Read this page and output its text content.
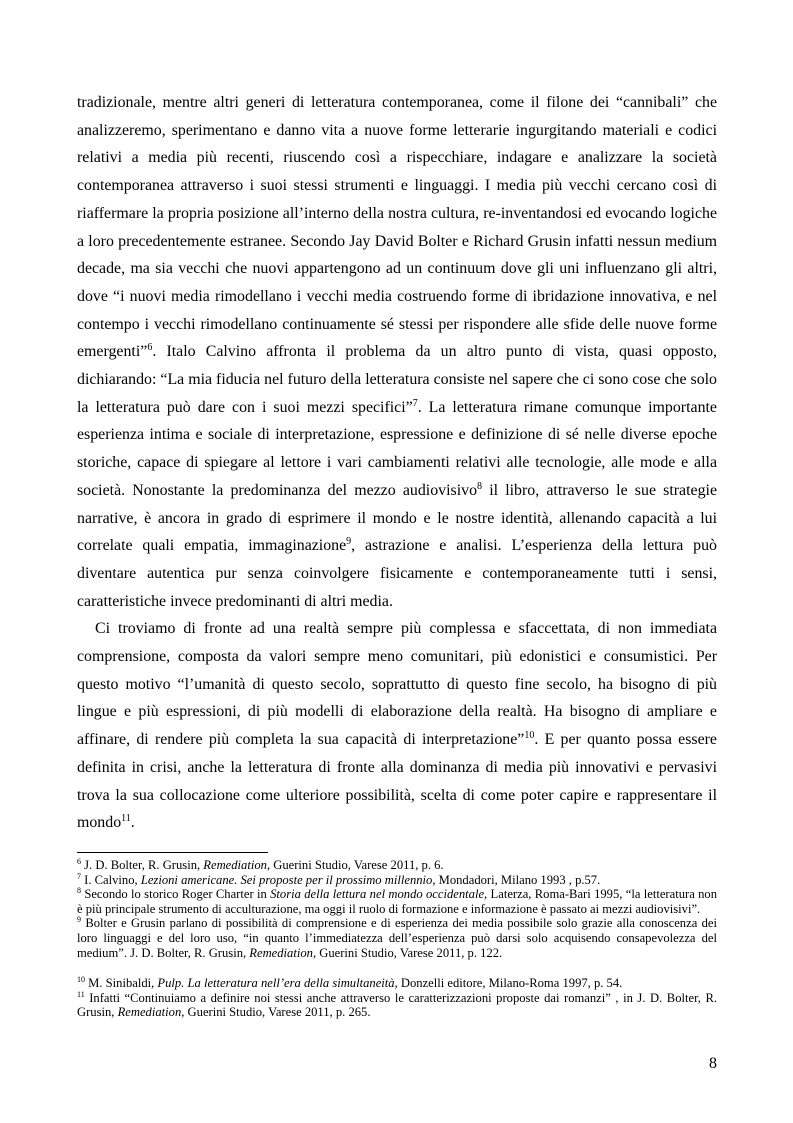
tradizionale, mentre altri generi di letteratura contemporanea, come il filone dei “cannibali” che analizzeremo, sperimentano e danno vita a nuove forme letterarie ingurgitando materiali e codici relativi a media più recenti, riuscendo così a rispecchiare, indagare e analizzare la società contemporanea attraverso i suoi stessi strumenti e linguaggi. I media più vecchi cercano così di riaffermare la propria posizione all’interno della nostra cultura, re-inventandosi ed evocando logiche a loro precedentemente estranee. Secondo Jay David Bolter e Richard Grusin infatti nessun medium decade, ma sia vecchi che nuovi appartengono ad un continuum dove gli uni influenzano gli altri, dove “i nuovi media rimodellano i vecchi media costruendo forme di ibridazione innovativa, e nel contempo i vecchi rimodellano continuamente sé stessi per rispondere alle sfide delle nuove forme emergenti”$^6$. Italo Calvino affronta il problema da un altro punto di vista, quasi opposto, dichiarando: “La mia fiducia nel futuro della letteratura consiste nel sapere che ci sono cose che solo la letteratura può dare con i suoi mezzi specifici”$^7$. La letteratura rimane comunque importante esperienza intima e sociale di interpretazione, espressione e definizione di sé nelle diverse epoche storiche, capace di spiegare al lettore i vari cambiamenti relativi alle tecnologie, alle mode e alla società. Nonostante la predominanza del mezzo audiovisivo$^8$ il libro, attraverso le sue strategie narrative, è ancora in grado di esprimere il mondo e le nostre identità, allenando capacità a lui correlate quali empatia, immaginazione$^9$, astrazione e analisi. L’esperienza della lettura può diventare autentica pur senza coinvolgere fisicamente e contemporaneamente tutti i sensi, caratteristiche invece predominanti di altri media.

Ci troviamo di fronte ad una realtà sempre più complessa e sfaccettata, di non immediata comprensione, composta da valori sempre meno comunitari, più edonistici e consumistici. Per questo motivo “l’umanità di questo secolo, soprattutto di questo fine secolo, ha bisogno di più lingue e più espressioni, di più modelli di elaborazione della realtà. Ha bisogno di ampliare e affinare, di rendere più completa la sua capacità di interpretazione”$^{10}$. E per quanto possa essere definita in crisi, anche la letteratura di fronte alla dominanza di media più innovativi e pervasivi trova la sua collocazione come ulteriore possibilità, scelta di come poter capire e rappresentare il mondo$^{11}$.

$^6$ J. D. Bolter, R. Grusin, Remediation, Guerini Studio, Varese 2011, p. 6.

$^7$ I. Calvino, Lezioni americane. Sei proposte per il prossimo millennio, Mondadori, Milano 1993 , p.57.

$^8$ Secondo lo storico Roger Charter in Storia della lettura nel mondo occidentale, Laterza, Roma-Bari 1995, “la letteratura non è più principale strumento di acculturazione, ma oggi il ruolo di formazione e informazione è passato ai mezzi audiovisivi”.

$^9$ Bolter e Grusin parlano di possibilità di comprensione e di esperienza dei media possibile solo grazie alla conoscenza dei loro linguaggi e del loro uso, “in quanto l’immediatezza dell’esperienza può darsi solo acquisendo consapevolezza del medium”. J. D. Bolter, R. Grusin, Remediation, Guerini Studio, Varese 2011, p. 122.

$^{10}$ M. Sinibaldi, Pulp. La letteratura nell’era della simultaneità, Donzelli editore, Milano-Roma 1997, p. 54.

$^{11}$ Infatti “Continuiamo a definire noi stessi anche attraverso le caratterizzazioni proposte dai romanzi” , in J. D. Bolter, R. Grusin, Remediation, Guerini Studio, Varese 2011, p. 265.

8
